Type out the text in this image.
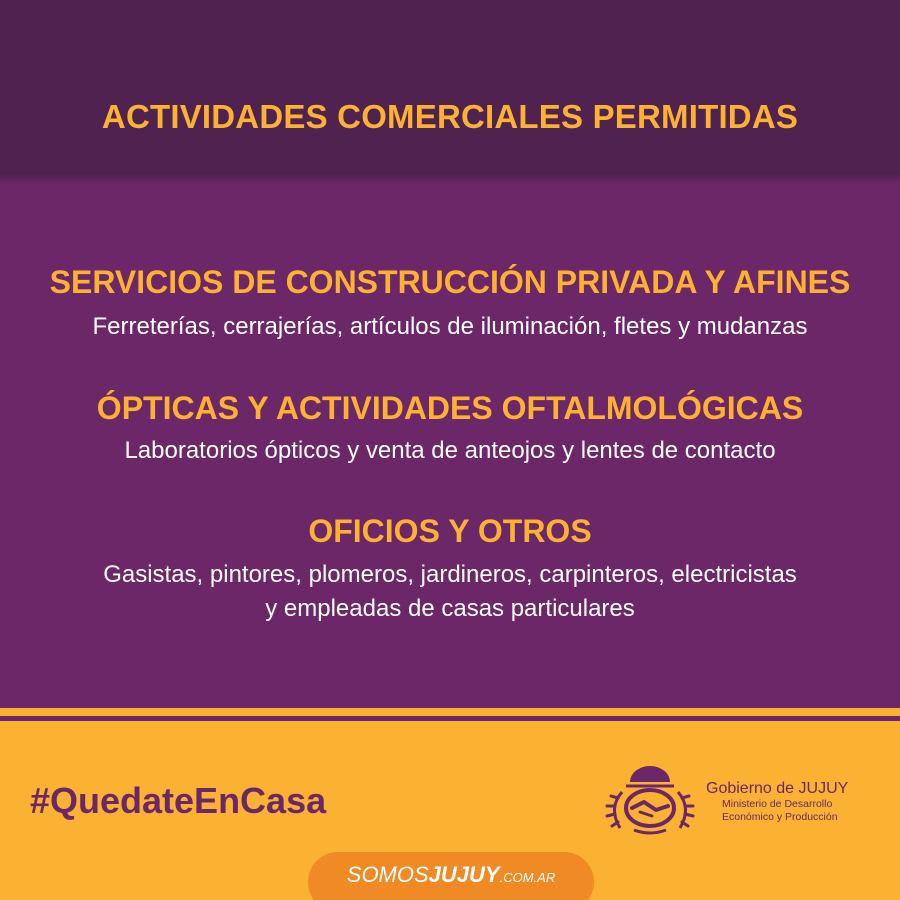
ACTIVIDADES COMERCIALES PERMITIDAS
SERVICIOS DE CONSTRUCCIÓN PRIVADA Y AFINES
Ferreterías, cerrajerías, artículos de iluminación, fletes y mudanzas
ÓPTICAS Y ACTIVIDADES OFTALMOLÓGICAS
Laboratorios ópticos y venta de anteojos y lentes de contacto
OFICIOS Y OTROS
Gasistas, pintores, plomeros, jardineros, carpinteros, electricistas
y empleadas de casas particulares
#QuedateEnCasa	Gobierno de JUJUY
Ministerio de Desarrollo
Económico y Producción
SOMOSJUJUY.COM.AR
